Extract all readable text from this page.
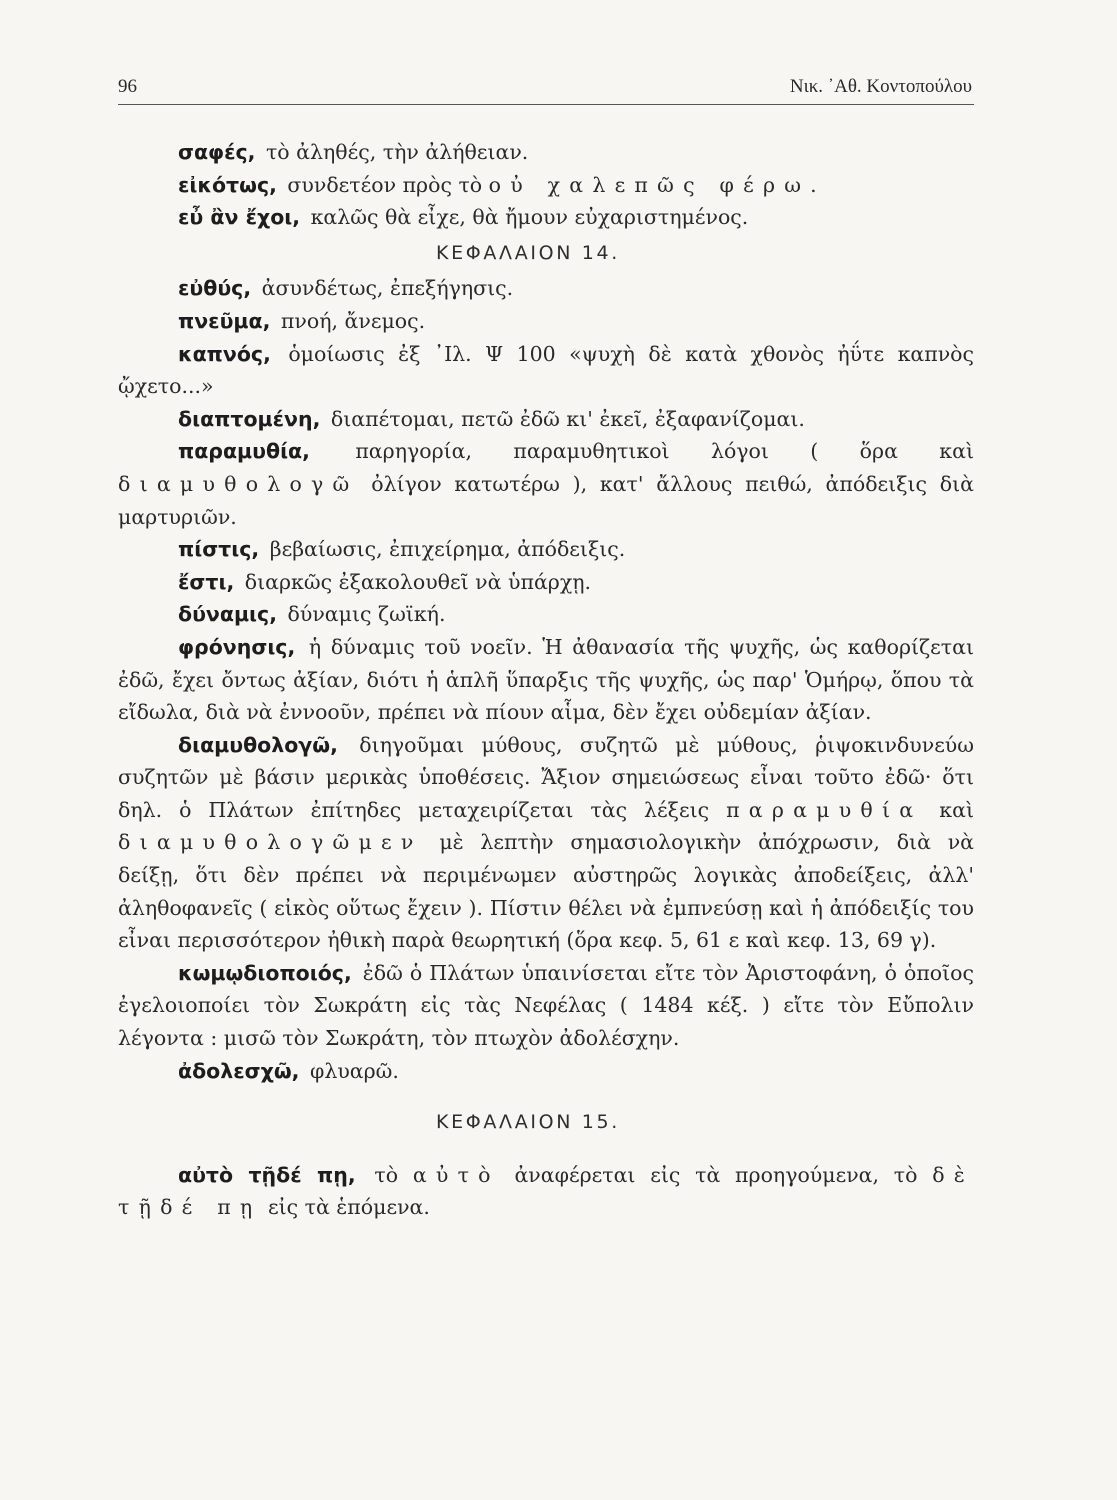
96	Νικ. ᾿Αθ. Κοντοπούλου

σαφές, τὸ ἀληθές, τὴν ἀλήθειαν.

εἰκότως, συνδετέον πρὸς τὸ οὐ χαλεπῶς φέρω.

εὖ ἂν ἔχοι, καλῶς θὰ εἶχε, θὰ ἤμουν εὐχαριστημένος.

ΚΕΦΑΛΑΙΟΝ 14.

εὐθύς, ἀσυνδέτως, ἐπεξήγησις.

πνεῦμα, πνοή, ἄνεμος.

καπνός, ὁμοίωσις ἐξ ᾿Ιλ. Ψ 100 «ψυχὴ δὲ κατὰ χθονὸς ἠΰτε καπνὸς ᾤχετο...»

διαπτομένη, διαπέτομαι, πετῶ ἐδῶ κι' ἐκεῖ, ἐξαφανίζομαι.

παραμυθία, παρηγορία, παραμυθητικοὶ λόγοι ( ὅρα καὶ διαμυθολογῶ ὀλίγον κατωτέρω ), κατ' ἄλλους πειθώ, ἀπόδειξις διὰ μαρτυριῶν.

πίστις, βεβαίωσις, ἐπιχείρημα, ἀπόδειξις.

ἔστι, διαρκῶς ἐξακολουθεῖ νὰ ὑπάρχῃ.

δύναμις, δύναμις ζωϊκή.

φρόνησις, ἡ δύναμις τοῦ νοεῖν. Ἡ ἀθανασία τῆς ψυχῆς, ὡς καθορίζεται ἐδῶ, ἔχει ὄντως ἀξίαν, διότι ἡ ἁπλῆ ὕπαρξις τῆς ψυχῆς, ὡς παρ' Ὁμήρῳ, ὅπου τὰ εἴδωλα, διὰ νὰ ἐννοοῦν, πρέπει νὰ πίουν αἷμα, δὲν ἔχει οὐδεμίαν ἀξίαν.

διαμυθολογῶ, διηγοῦμαι μύθους, συζητῶ μὲ μύθους, ῥιψοκινδυνεύω συζητῶν μὲ βάσιν μερικὰς ὑποθέσεις. Ἄξιον σημειώσεως εἶναι τοῦτο ἐδῶ· ὅτι δηλ. ὁ Πλάτων ἐπίτηδες μεταχειρίζεται τὰς λέξεις παραμυθία καὶ διαμυθολογῶμεν μὲ λεπτὴν σημασιολογικὴν ἀπόχρωσιν, διὰ νὰ δείξῃ, ὅτι δὲν πρέπει νὰ περιμένωμεν αὐστηρῶς λογικὰς ἀποδείξεις, ἀλλ' ἀληθοφανεῖς ( εἰκὸς οὕτως ἔχειν ). Πίστιν θέλει νὰ ἐμπνεύσῃ καὶ ἡ ἀπόδειξίς του εἶναι περισσότερον ἠθικὴ παρὰ θεωρητική (ὅρα κεφ. 5, 61 ε καὶ κεφ. 13, 69 γ).

κωμῳδιοποιός, ἐδῶ ὁ Πλάτων ὑπαινίσεται εἴτε τὸν Ἀριστοφάνη, ὁ ὁποῖος ἐγελοιοποίει τὸν Σωκράτη εἰς τὰς Νεφέλας ( 1484 κέξ. ) εἴτε τὸν Εὔπολιν λέγοντα : μισῶ τὸν Σωκράτη, τὸν πτωχὸν ἀδολέσχην.

ἀδολεσχῶ, φλυαρῶ.

ΚΕΦΑΛΑΙΟΝ 15.

αὐτὸ τῇδέ πῃ, τὸ αὐτὸ ἀναφέρεται εἰς τὰ προηγούμενα, τὸ δὲ τῇδέ πῃ εἰς τὰ ἑπόμενα.
